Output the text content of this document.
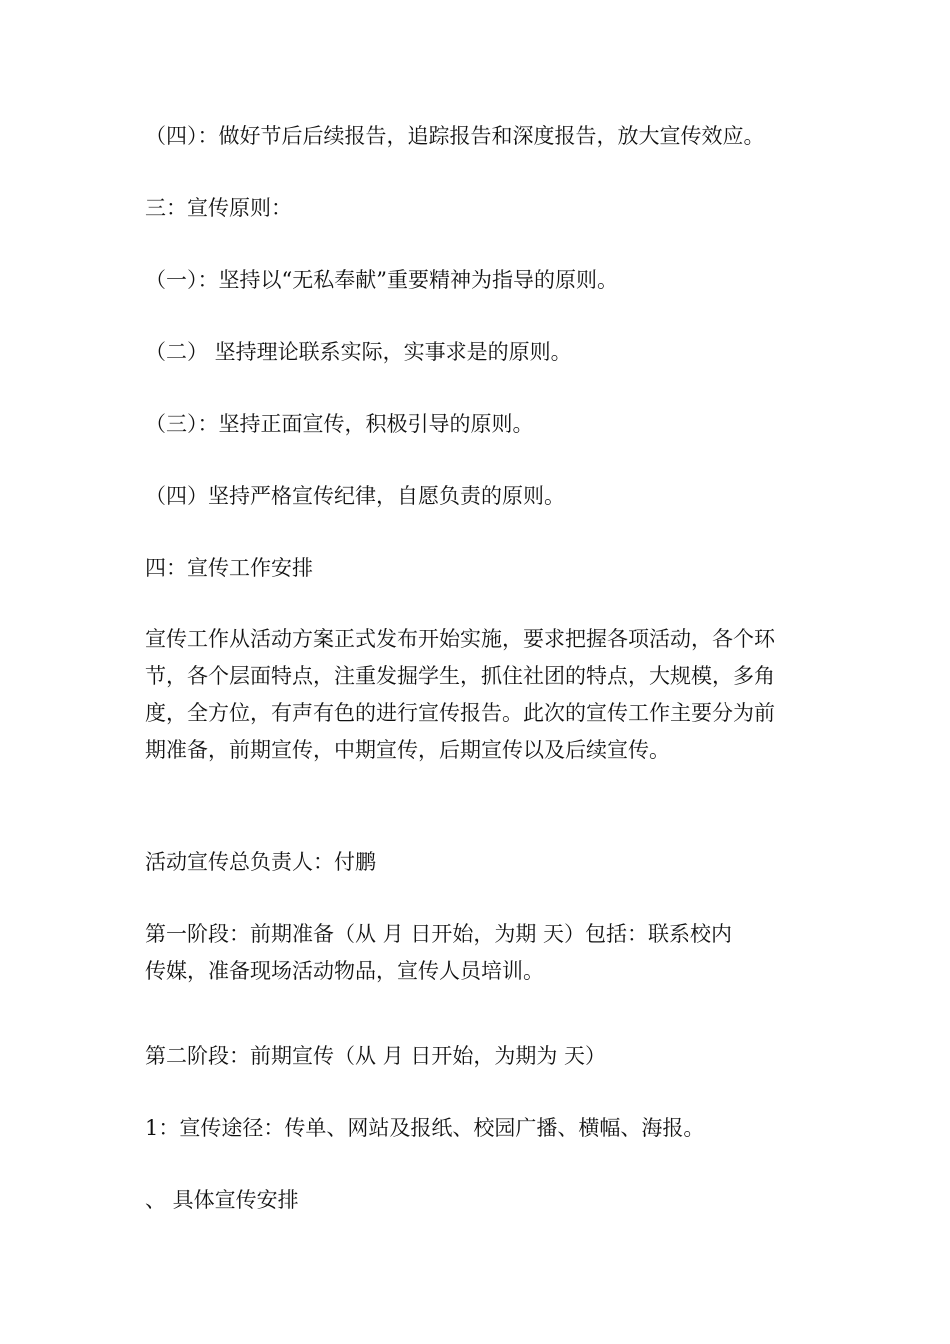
（四）：做好节后后续报告，追踪报告和深度报告，放大宣传效应。
三：宣传原则：
（一）：坚持以“无私奉献”重要精神为指导的原则。
（二） 坚持理论联系实际，实事求是的原则。
（三）：坚持正面宣传，积极引导的原则。
（四）坚持严格宣传纪律，自愿负责的原则。
四：宣传工作安排
宣传工作从活动方案正式发布开始实施，要求把握各项活动，各个环
节，各个层面特点，注重发掘学生，抓住社团的特点，大规模，多角
度，全方位，有声有色的进行宣传报告。此次的宣传工作主要分为前
期准备，前期宣传，中期宣传，后期宣传以及后续宣传。
活动宣传总负责人：付鹏
第一阶段：前期准备（从 月 日开始，为期 天）包括：联系校内
传媒，准备现场活动物品，宣传人员培训。
第二阶段：前期宣传（从 月 日开始，为期为 天）
1：宣传途径：传单、网站及报纸、校园广播、横幅、海报。
、 具体宣传安排
